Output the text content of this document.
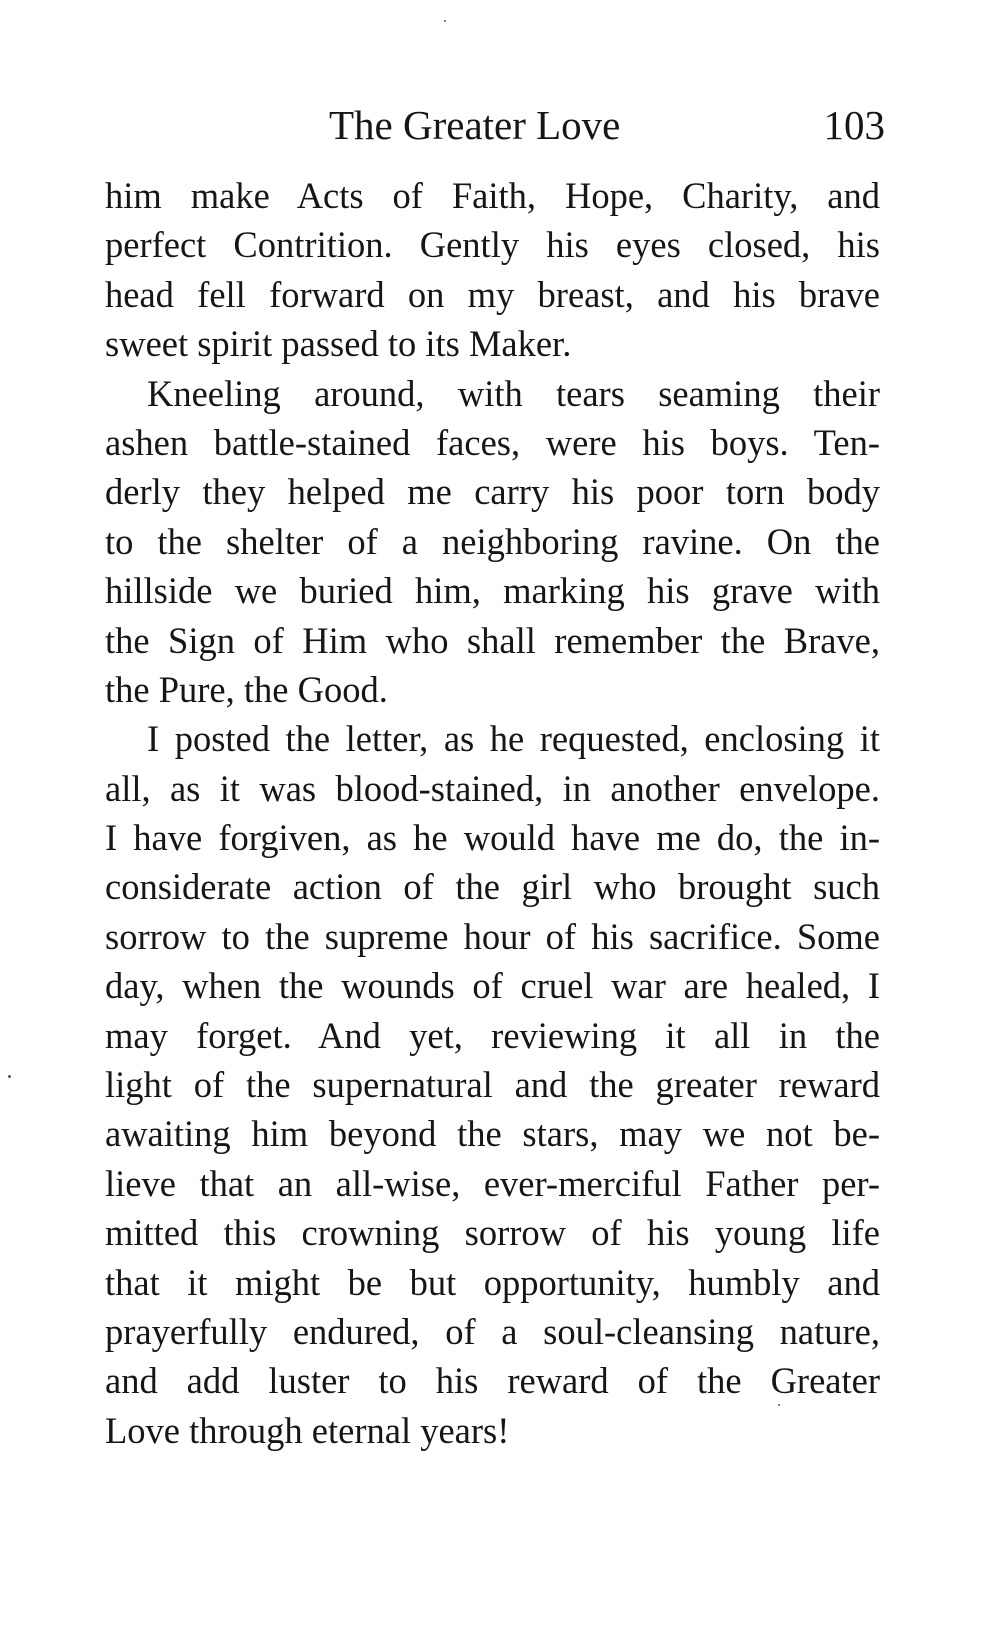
The Greater Love	103
him make Acts of Faith, Hope, Charity, and
perfect Contrition. Gently his eyes closed, his
head fell forward on my breast, and his brave
sweet spirit passed to its Maker.
Kneeling around, with tears seaming their
ashen battle-stained faces, were his boys. Ten-
derly they helped me carry his poor torn body
to the shelter of a neighboring ravine. On the
hillside we buried him, marking his grave with
the Sign of Him who shall remember the Brave,
the Pure, the Good.
I posted the letter, as he requested, enclosing it
all, as it was blood-stained, in another envelope.
I have forgiven, as he would have me do, the in-
considerate action of the girl who brought such
sorrow to the supreme hour of his sacrifice. Some
day, when the wounds of cruel war are healed, I
may forget. And yet, reviewing it all in the
light of the supernatural and the greater reward
awaiting him beyond the stars, may we not be-
lieve that an all-wise, ever-merciful Father per-
mitted this crowning sorrow of his young life
that it might be but opportunity, humbly and
prayerfully endured, of a soul-cleansing nature,
and add luster to his reward of the Greater
Love through eternal years!
